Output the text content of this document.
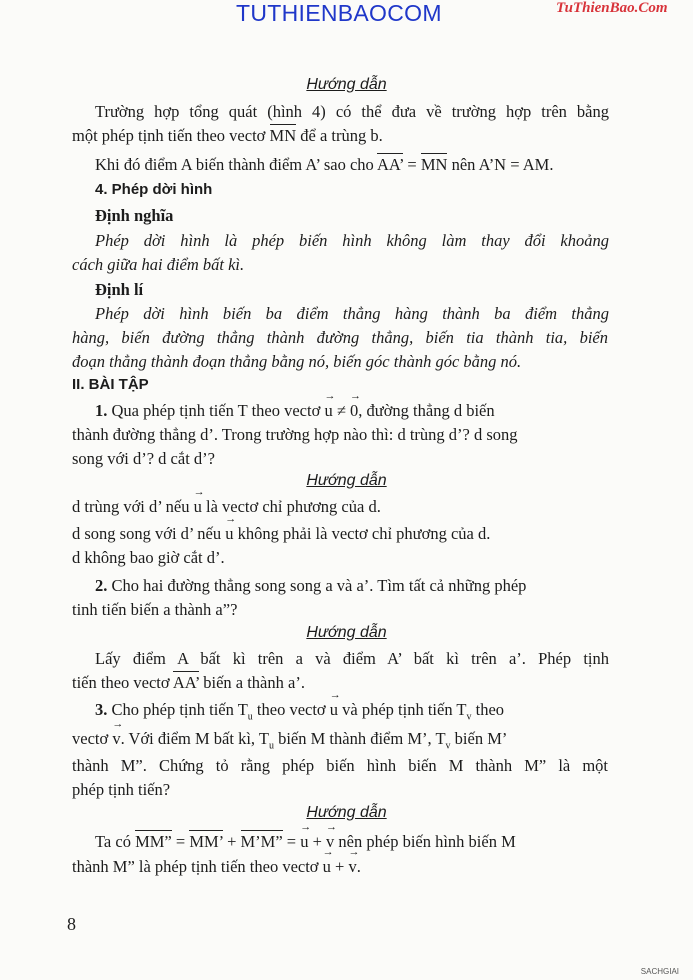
TUTHIENBAOCOM	TuThienBao.Com
Hướng dẫn
Trường hợp tổng quát (hình 4) có thể đưa về trường hợp trên bằng
một phép tịnh tiến theo vectơ MN để a trùng b.
Khi đó điểm A biến thành điểm A’ sao cho AA’ = MN nên A’N = AM.
4. Phép dời hình
Định nghĩa
Phép dời hình là phép biến hình không làm thay đổi khoảng
cách giữa hai điểm bất kì.
Định lí
Phép dời hình biến ba điểm thẳng hàng thành ba điểm thẳng
hàng, biến đường thẳng thành đường thẳng, biến tia thành tia, biến
đoạn thẳng thành đoạn thẳng bằng nó, biến góc thành góc bằng nó.
II. BÀI TẬP
1. Qua phép tịnh tiến T theo vectơ → u ≠ → 0, đường thẳng d biến
thành đường thẳng d’. Trong trường hợp nào thì: d trùng d’? d song
song với d’? d cắt d’?
Hướng dẫn
d trùng với d’ nếu → u là vectơ chỉ phương của d.
d song song với d’ nếu → u không phải là vectơ chỉ phương của d.
d không bao giờ cắt d’.
2. Cho hai đường thẳng song song a và a’. Tìm tất cả những phép
tinh tiến biến a thành a”?
Hướng dẫn
Lấy điểm A bất kì trên a và điểm A’ bất kì trên a’. Phép tịnh
tiến theo vectơ AA’ biến a thành a’.
3. Cho phép tịnh tiến $T_u$ theo vectơ → u và phép tịnh tiến $T_v$ theo
vectơ → v. Với điểm M bất kì, $T_u$ biến M thành điểm M’, $T_v$ biến M’
thành M”. Chứng tỏ rằng phép biến hình biến M thành M” là một
phép tịnh tiến?
Hướng dẫn
Ta có MM” = MM’ + M’M” = → u + → v nên phép biến hình biến M
thành M” là phép tịnh tiến theo vectơ → u + → v.
8
SACHGIAI
